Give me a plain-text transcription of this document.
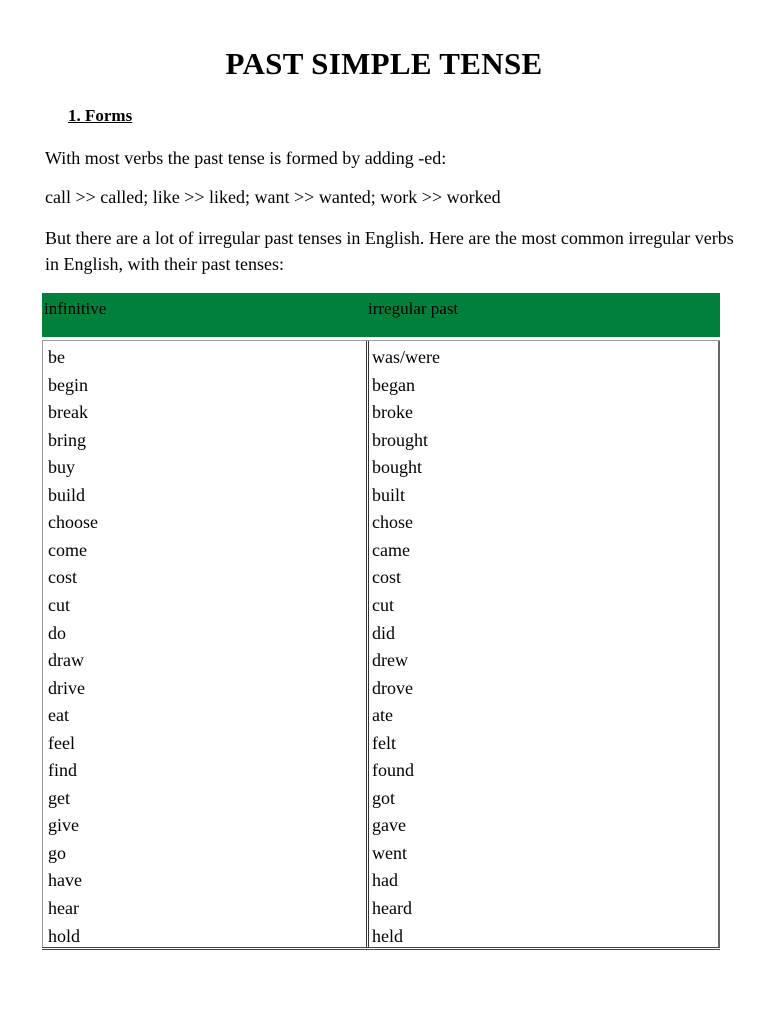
PAST SIMPLE TENSE
1. Forms
With most verbs the past tense is formed by adding -ed:
call >> called; like >> liked; want >> wanted; work >> worked
But there are a lot of irregular past tenses in English. Here are the most common irregular verbs in English, with their past tenses:
infinitive	irregular past
be
begin
break
bring
buy
build
choose
come
cost
cut
do
draw
drive
eat
feel
find
get
give
go
have
hear
hold
was/were
began
broke
brought
bought
built
chose
came
cost
cut
did
drew
drove
ate
felt
found
got
gave
went
had
heard
held
